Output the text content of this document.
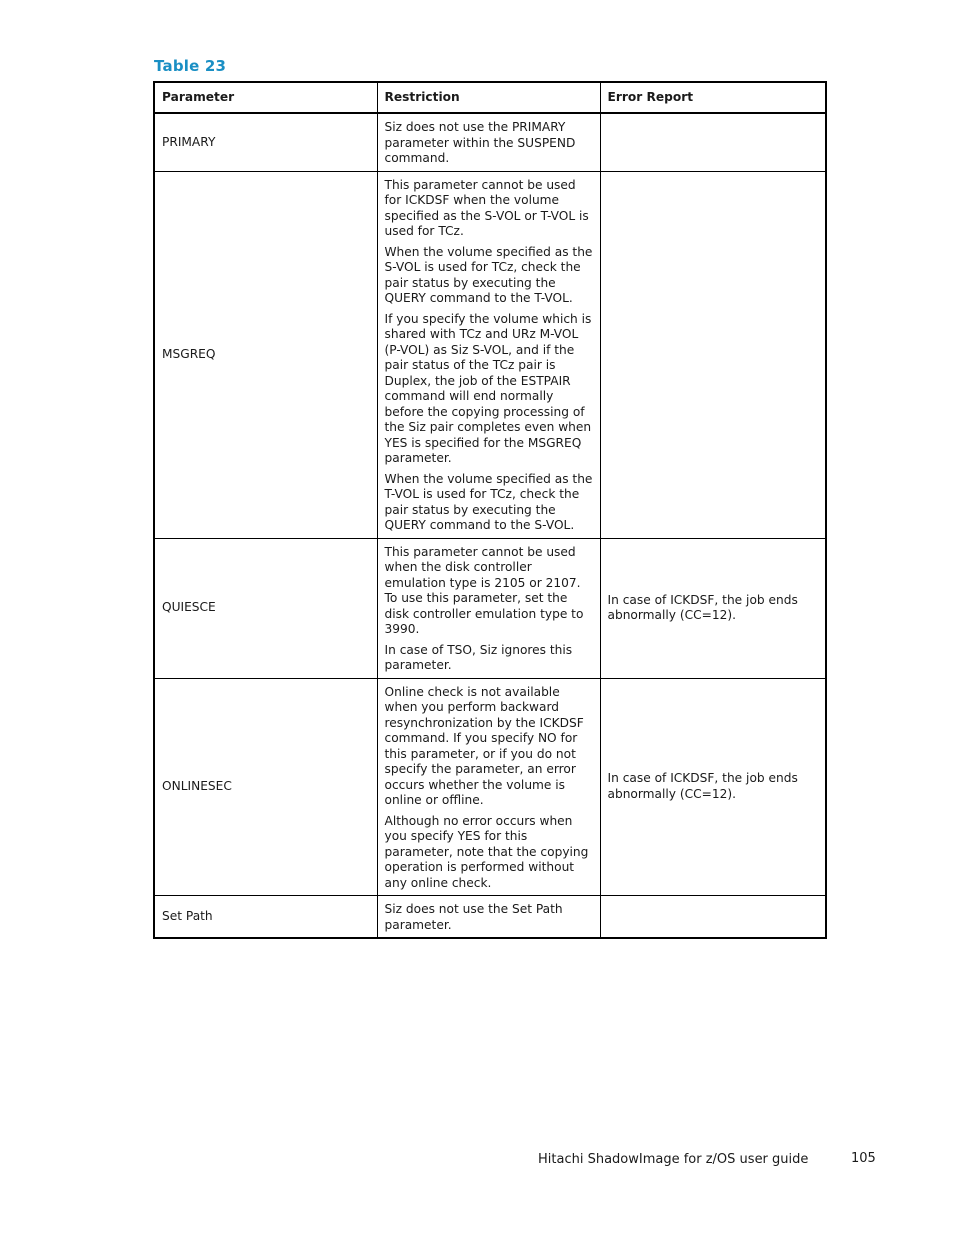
Table 23
Parameter	Restriction	Error Report
PRIMARY	Siz does not use the PRIMARY parameter within the SUSPEND command.	

MSGREQ	This parameter cannot be used for ICKDSF when the volume specified as the S-VOL or T-VOL is used for TCz.

When the volume specified as the S-VOL is used for TCz, check the pair status by executing the QUERY command to the T-VOL.

If you specify the volume which is shared with TCz and URz M-VOL (P-VOL) as Siz S-VOL, and if the pair status of the TCz pair is Duplex, the job of the ESTPAIR command will end normally before the copying processing of the Siz pair completes even when YES is specified for the MSGREQ parameter.

When the volume specified as the T-VOL is used for TCz, check the pair status by executing the QUERY command to the S-VOL.	

QUIESCE	This parameter cannot be used when the disk controller emulation type is 2105 or 2107. To use this parameter, set the disk controller emulation type to 3990.

In case of TSO, Siz ignores this parameter.	In case of ICKDSF, the job ends abnormally (CC=12).
ONLINESEC	Online check is not available when you perform backward resynchronization by the ICKDSF command. If you specify NO for this parameter, or if you do not specify the parameter, an error occurs whether the volume is online or offline.

Although no error occurs when you specify YES for this parameter, note that the copying operation is performed without any online check.	In case of ICKDSF, the job ends abnormally (CC=12).
Set Path	Siz does not use the Set Path parameter.	

Hitachi ShadowImage for z/OS user guide	105
